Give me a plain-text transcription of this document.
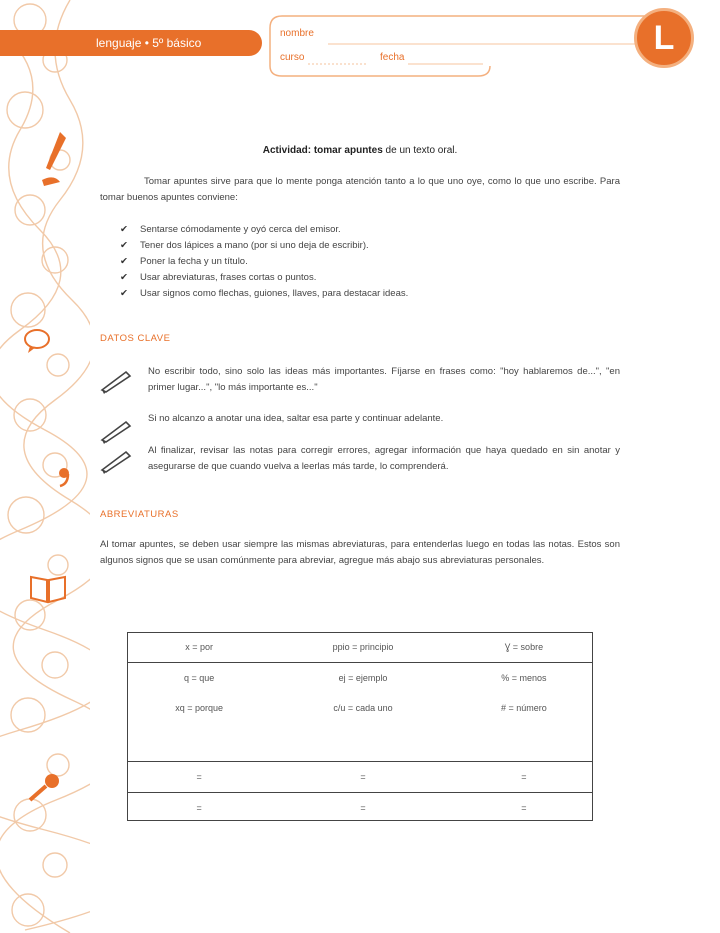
lenguaje • 5º básico
nombre
curso	fecha
L
Actividad: tomar apuntes de un texto oral.
Tomar apuntes sirve para que lo mente ponga atención tanto a lo que uno oye, como lo que uno escribe. Para tomar buenos apuntes conviene:
✔ Sentarse cómodamente y oyó cerca del emisor.
✔ Tener dos lápices a mano (por si uno deja de escribir).
✔ Poner la fecha y un título.
✔ Usar abreviaturas, frases cortas o puntos.
✔ Usar signos como flechas, guiones, llaves, para destacar ideas.
DATOS CLAVE
No escribir todo, sino solo las ideas más importantes. Fíjarse en frases como: "hoy hablaremos de...", "en primer lugar...", "lo más importante es..."
Si no alcanzo a anotar una idea, saltar esa parte y continuar adelante.
Al finalizar, revisar las notas para corregir errores, agregar información que haya quedado en sin anotar y asegurarse de que cuando vuelva a leerlas más tarde, lo comprenderá.
ABREVIATURAS
Al tomar apuntes, se deben usar siempre las mismas abreviaturas, para entenderlas luego en todas las notas. Estos son algunos signos que se usan comúnmente para abreviar, agregue más abajo sus abreviaturas personales.
x = por	ppio = principio	Ɣ = sobre
q = que	ej = ejemplo	% = menos
xq = porque	c/u = cada uno	# = número

=	=	=
=	=	=
